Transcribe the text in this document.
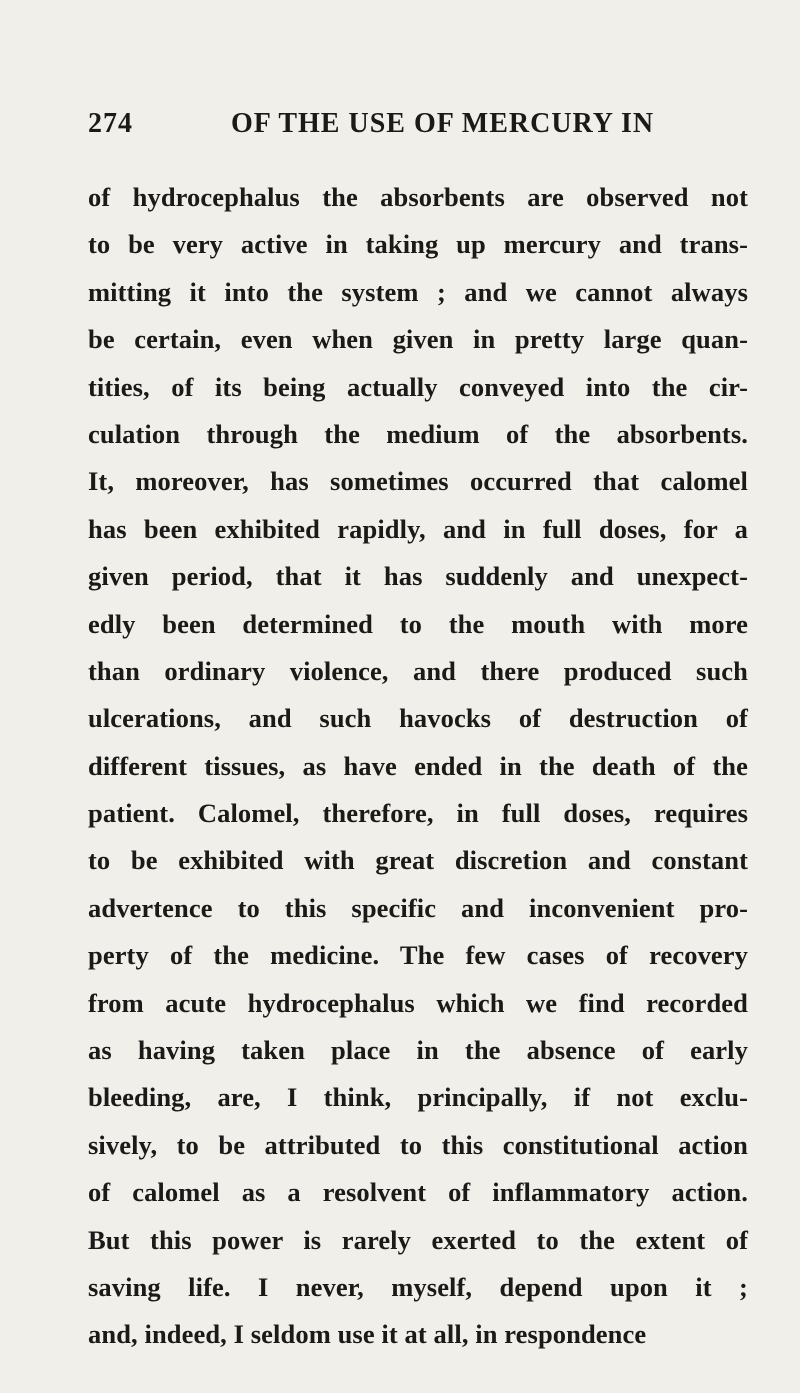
274	OF THE USE OF MERCURY IN
of hydrocephalus the absorbents are observed not
to be very active in taking up mercury and trans-
mitting it into the system ; and we cannot always
be certain, even when given in pretty large quan-
tities, of its being actually conveyed into the cir-
culation through the medium of the absorbents.
It, moreover, has sometimes occurred that calomel
has been exhibited rapidly, and in full doses, for a
given period, that it has suddenly and unexpect-
edly been determined to the mouth with more
than ordinary violence, and there produced such
ulcerations, and such havocks of destruction of
different tissues, as have ended in the death of the
patient. Calomel, therefore, in full doses, requires
to be exhibited with great discretion and constant
advertence to this specific and inconvenient pro-
perty of the medicine. The few cases of recovery
from acute hydrocephalus which we find recorded
as having taken place in the absence of early
bleeding, are, I think, principally, if not exclu-
sively, to be attributed to this constitutional action
of calomel as a resolvent of inflammatory action.
But this power is rarely exerted to the extent of
saving life. I never, myself, depend upon it ;
and, indeed, I seldom use it at all, in respondence
